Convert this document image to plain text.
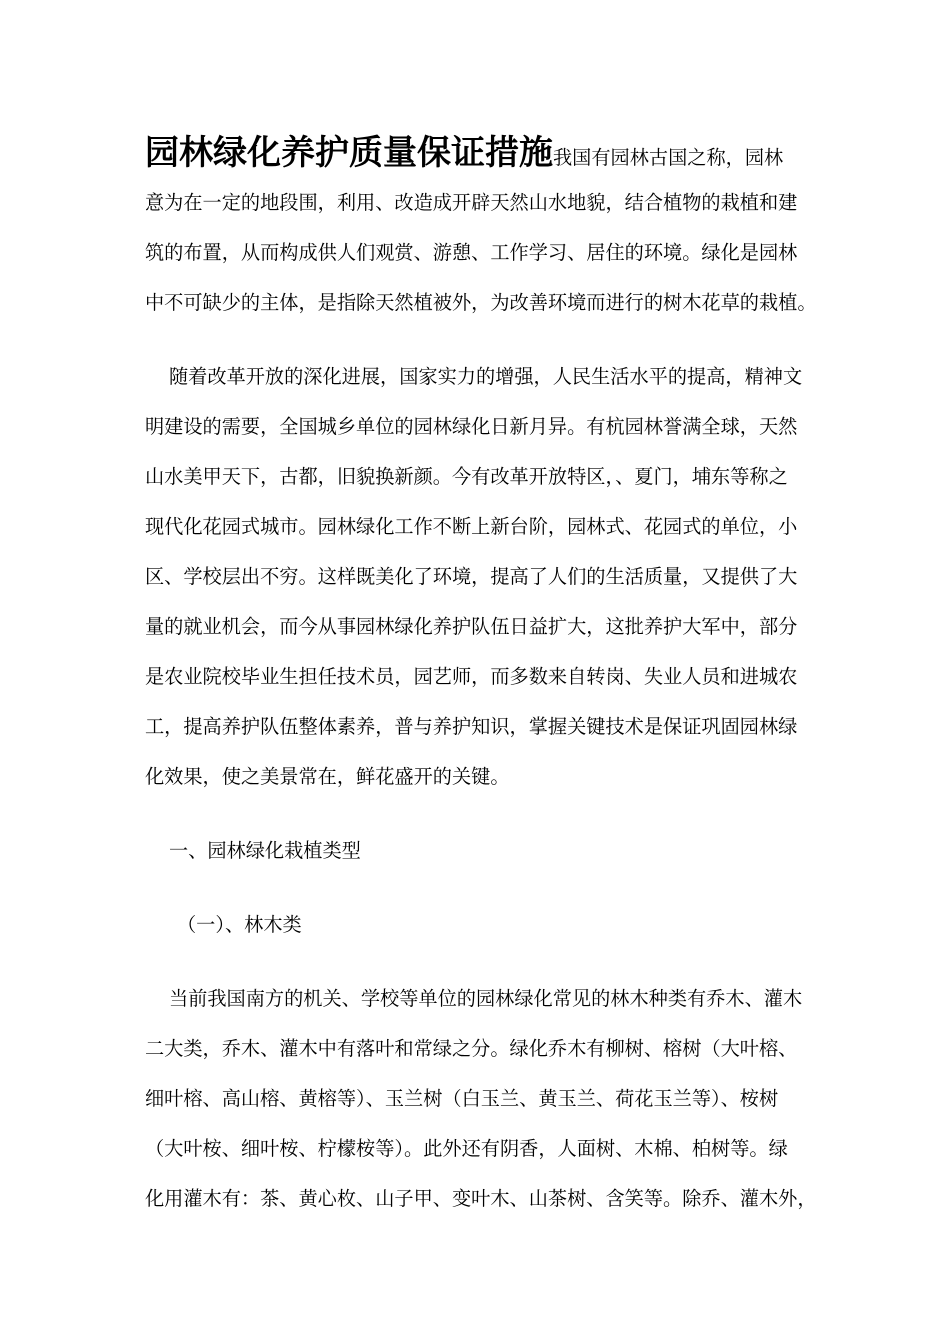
园林绿化养护质量保证措施我国有园林古国之称，园林
意为在一定的地段围，利用、改造成开辟天然山水地貌，结合植物的栽植和建
筑的布置，从而构成供人们观赏、游憩、工作学习、居住的环境。绿化是园林
中不可缺少的主体，是指除天然植被外，为改善环境而进行的树木花草的栽植。
随着改革开放的深化进展，国家实力的增强，人民生活水平的提高，精神文
明建设的需要，全国城乡单位的园林绿化日新月异。有杭园林誉满全球，天然
山水美甲天下，古都，旧貌换新颜。今有改革开放特区，、夏门，埔东等称之
现代化花园式城市。园林绿化工作不断上新台阶，园林式、花园式的单位，小
区、学校层出不穷。这样既美化了环境，提高了人们的生活质量，又提供了大
量的就业机会，而今从事园林绿化养护队伍日益扩大，这批养护大军中，部分
是农业院校毕业生担任技术员，园艺师，而多数来自转岗、失业人员和进城农
工，提高养护队伍整体素养，普与养护知识，掌握关键技术是保证巩固园林绿
化效果，使之美景常在，鲜花盛开的关键。
一、园林绿化栽植类型
（一）、林木类
当前我国南方的机关、学校等单位的园林绿化常见的林木种类有乔木、灌木
二大类，乔木、灌木中有落叶和常绿之分。绿化乔木有柳树、榕树（大叶榕、
细叶榕、高山榕、黄榕等）、玉兰树（白玉兰、黄玉兰、荷花玉兰等）、桉树
（大叶桉、细叶桉、柠檬桉等）。此外还有阴香，人面树、木棉、柏树等。绿
化用灌木有：茶、黄心枚、山子甲、变叶木、山茶树、含笑等。除乔、灌木外，
